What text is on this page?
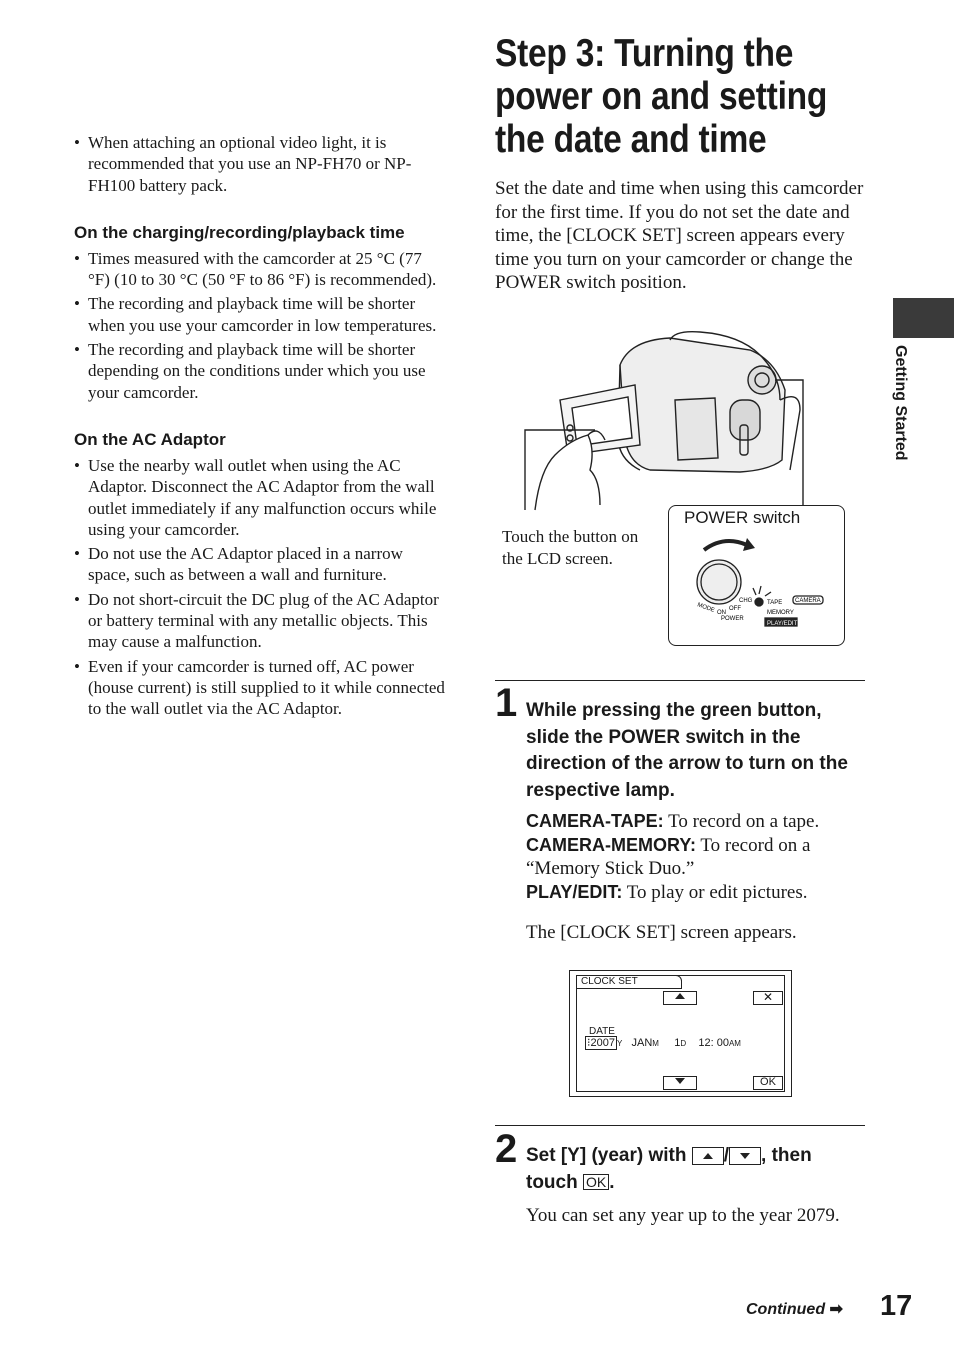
• When attaching an optional video light, it is recommended that you use an NP-FH70 or NP-FH100 battery pack.
On the charging/recording/playback time
• Times measured with the camcorder at 25 °C (77 °F) (10 to 30 °C (50 °F to 86 °F) is recommended).
• The recording and playback time will be shorter when you use your camcorder in low temperatures.
• The recording and playback time will be shorter depending on the conditions under which you use your camcorder.
On the AC Adaptor
• Use the nearby wall outlet when using the AC Adaptor. Disconnect the AC Adaptor from the wall outlet immediately if any malfunction occurs while using your camcorder.
• Do not use the AC Adaptor placed in a narrow space, such as between a wall and furniture.
• Do not short-circuit the DC plug of the AC Adaptor or battery terminal with any metallic objects. This may cause a malfunction.
• Even if your camcorder is turned off, AC power (house current) is still supplied to it while connected to the wall outlet via the AC Adaptor.
Step 3: Turning the
power on and setting
the date and time
Set the date and time when using this camcorder for the first time. If you do not set the date and time, the [CLOCK SET] screen appears every time you turn on your camcorder or change the POWER switch position.
Touch the button on
the LCD screen.
POWER switch
MODE ON
OFF
POWER
CHG TAPE
MEMORY
CAMERA
PLAY/EDIT
1 While pressing the green button, slide the POWER switch in the direction of the arrow to turn on the respective lamp.
CAMERA-TAPE: To record on a tape.
CAMERA-MEMORY: To record on a “Memory Stick Duo.”
PLAY/EDIT: To play or edit pictures.
The [CLOCK SET] screen appears.
CLOCK SET
✕
DATE
⁝2007 Y JANM 1D 12: 00AM
OK
2 Set [Y] (year) with / , then
touch OK .
You can set any year up to the year 2079.
Getting Started
Continued ➡ 17
